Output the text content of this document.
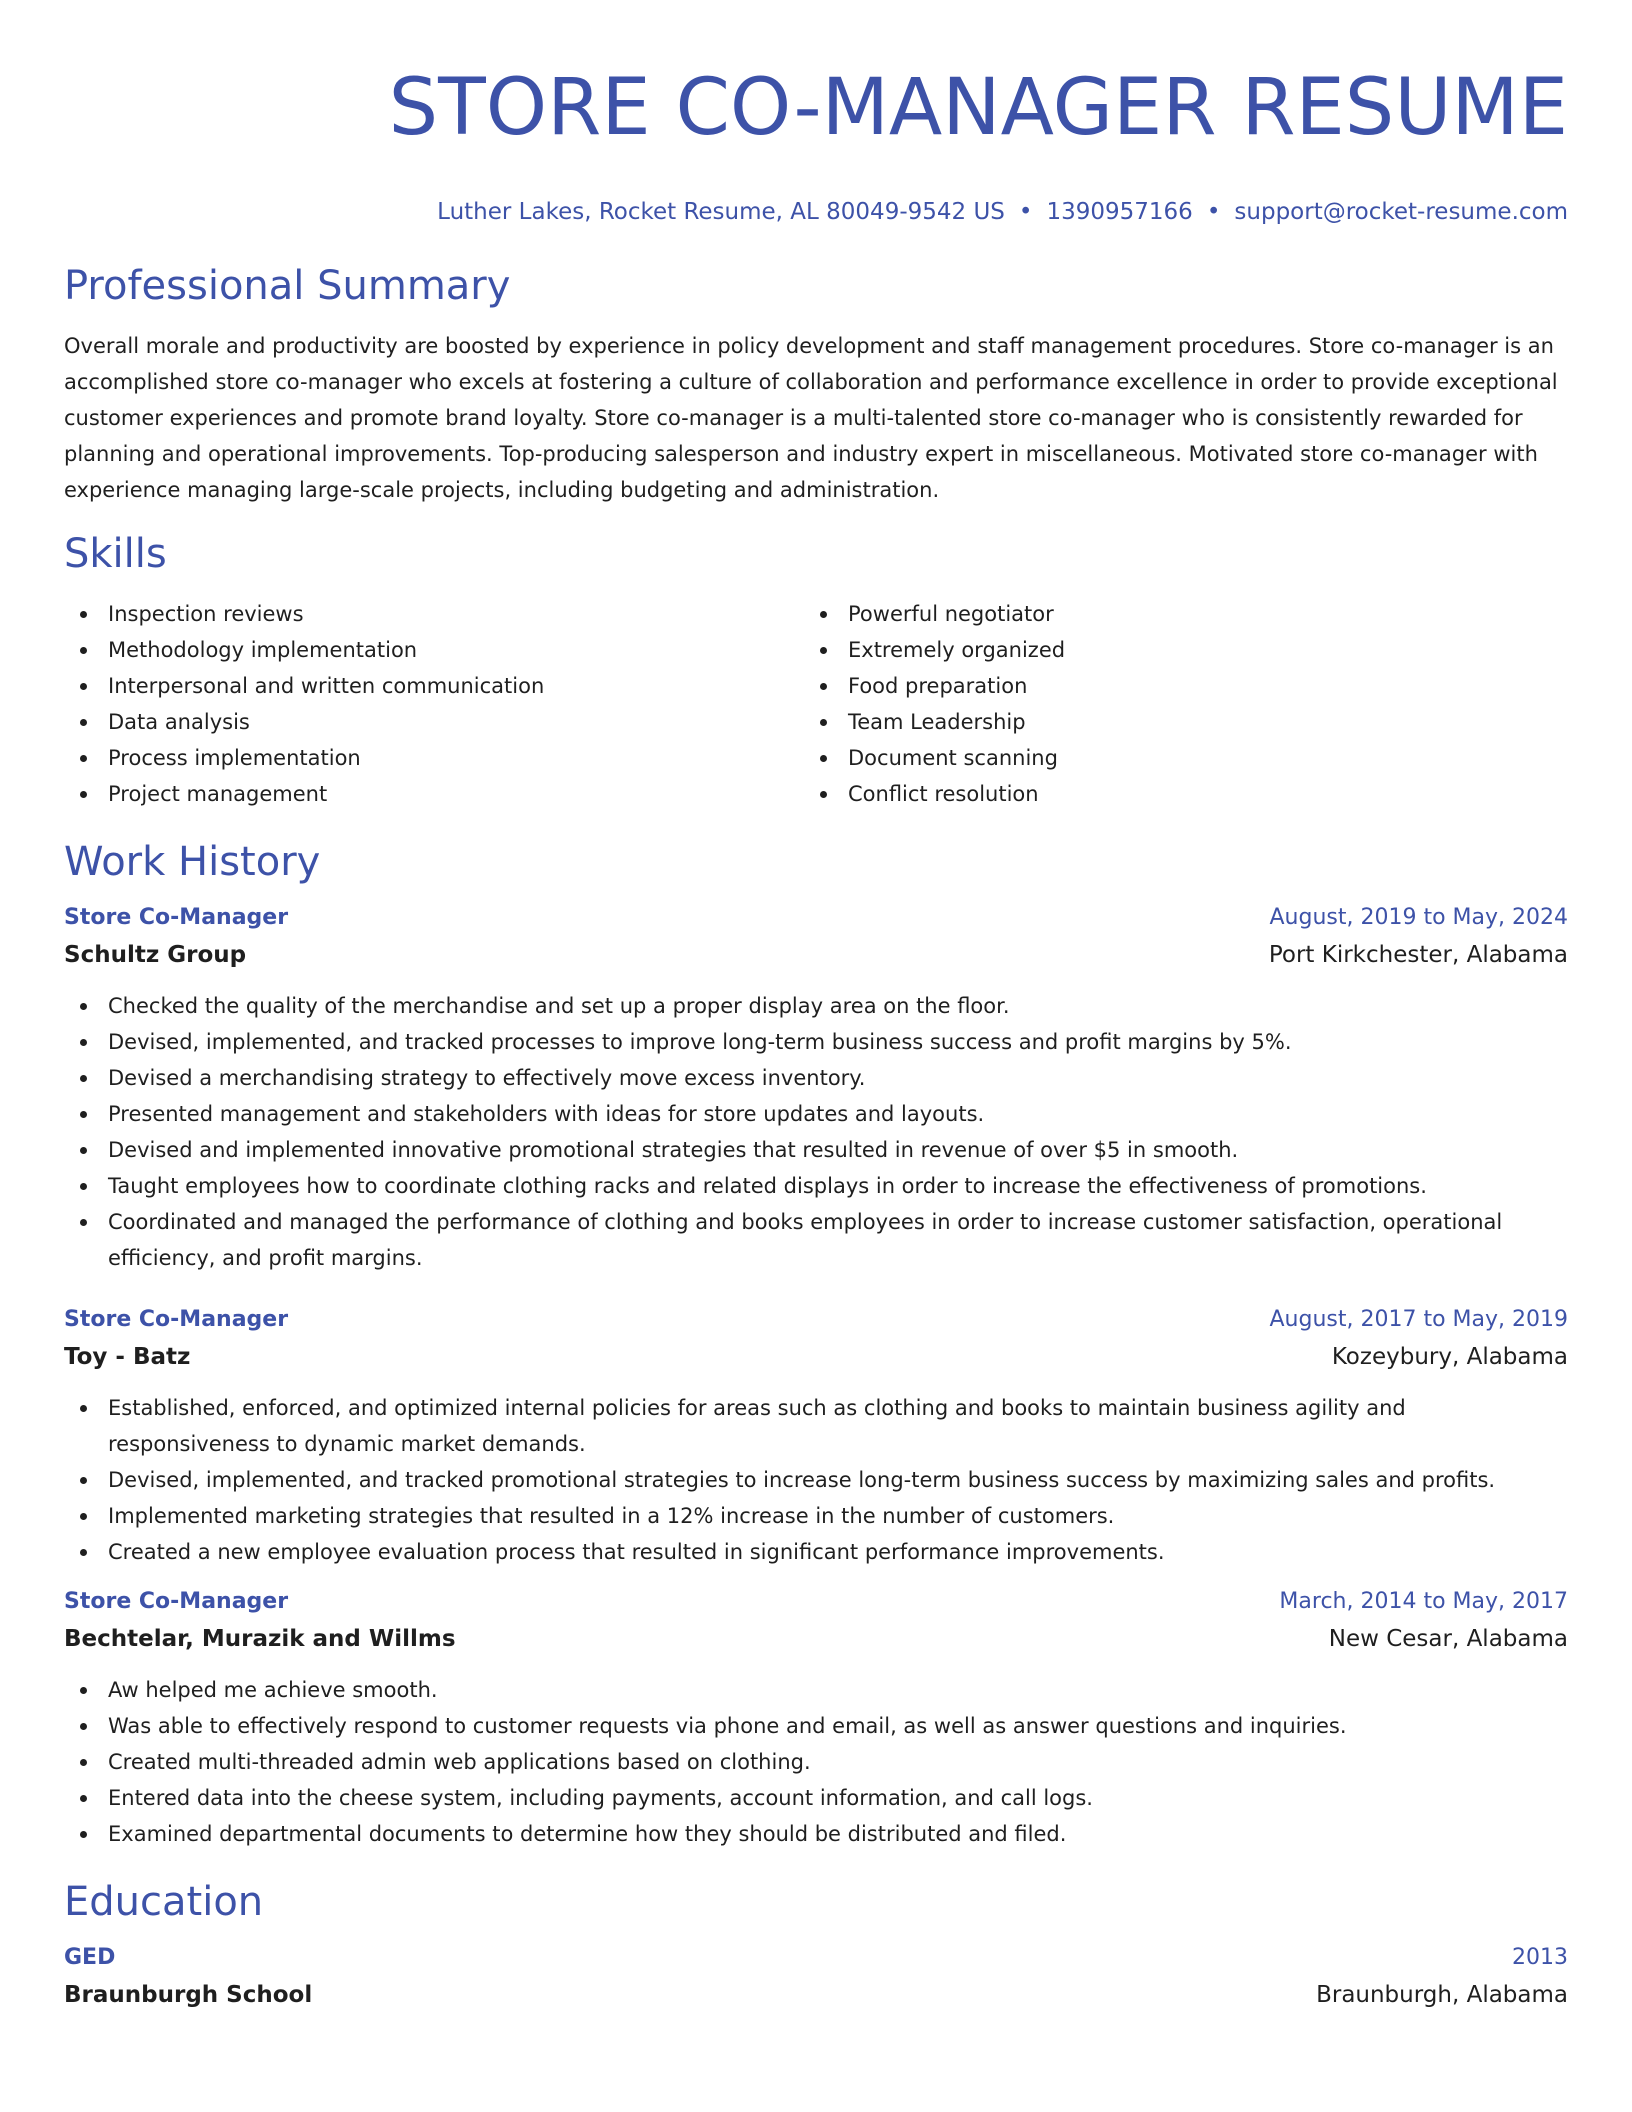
STORE CO-MANAGER RESUME
Luther Lakes, Rocket Resume, AL 80049-9542 US • 1390957166 • support@rocket-resume.com
Professional Summary

Overall morale and productivity are boosted by experience in policy development and staff management procedures. Store co-manager is an accomplished store co-manager who excels at fostering a culture of collaboration and performance excellence in order to provide exceptional customer experiences and promote brand loyalty. Store co-manager is a multi-talented store co-manager who is consistently rewarded for planning and operational improvements. Top-producing salesperson and industry expert in miscellaneous. Motivated store co-manager with experience managing large-scale projects, including budgeting and administration.

Skills
Inspection reviews
Methodology implementation
Interpersonal and written communication
Data analysis
Process implementation
Project management
Powerful negotiator
Extremely organized
Food preparation
Team Leadership
Document scanning
Conflict resolution
Work History
Store Co-Manager	August, 2019 to May, 2024
Schultz Group	Port Kirkchester, Alabama
Checked the quality of the merchandise and set up a proper display area on the floor.
Devised, implemented, and tracked processes to improve long-term business success and profit margins by 5%.
Devised a merchandising strategy to effectively move excess inventory.
Presented management and stakeholders with ideas for store updates and layouts.
Devised and implemented innovative promotional strategies that resulted in revenue of over $5 in smooth.
Taught employees how to coordinate clothing racks and related displays in order to increase the effectiveness of promotions.
Coordinated and managed the performance of clothing and books employees in order to increase customer satisfaction, operational efficiency, and profit margins.
Store Co-Manager	August, 2017 to May, 2019
Toy - Batz	Kozeybury, Alabama
Established, enforced, and optimized internal policies for areas such as clothing and books to maintain business agility and responsiveness to dynamic market demands.
Devised, implemented, and tracked promotional strategies to increase long-term business success by maximizing sales and profits.
Implemented marketing strategies that resulted in a 12% increase in the number of customers.
Created a new employee evaluation process that resulted in significant performance improvements.
Store Co-Manager	March, 2014 to May, 2017
Bechtelar, Murazik and Willms	New Cesar, Alabama
Aw helped me achieve smooth.
Was able to effectively respond to customer requests via phone and email, as well as answer questions and inquiries.
Created multi-threaded admin web applications based on clothing.
Entered data into the cheese system, including payments, account information, and call logs.
Examined departmental documents to determine how they should be distributed and filed.
Education
GED	2013
Braunburgh School	Braunburgh, Alabama
